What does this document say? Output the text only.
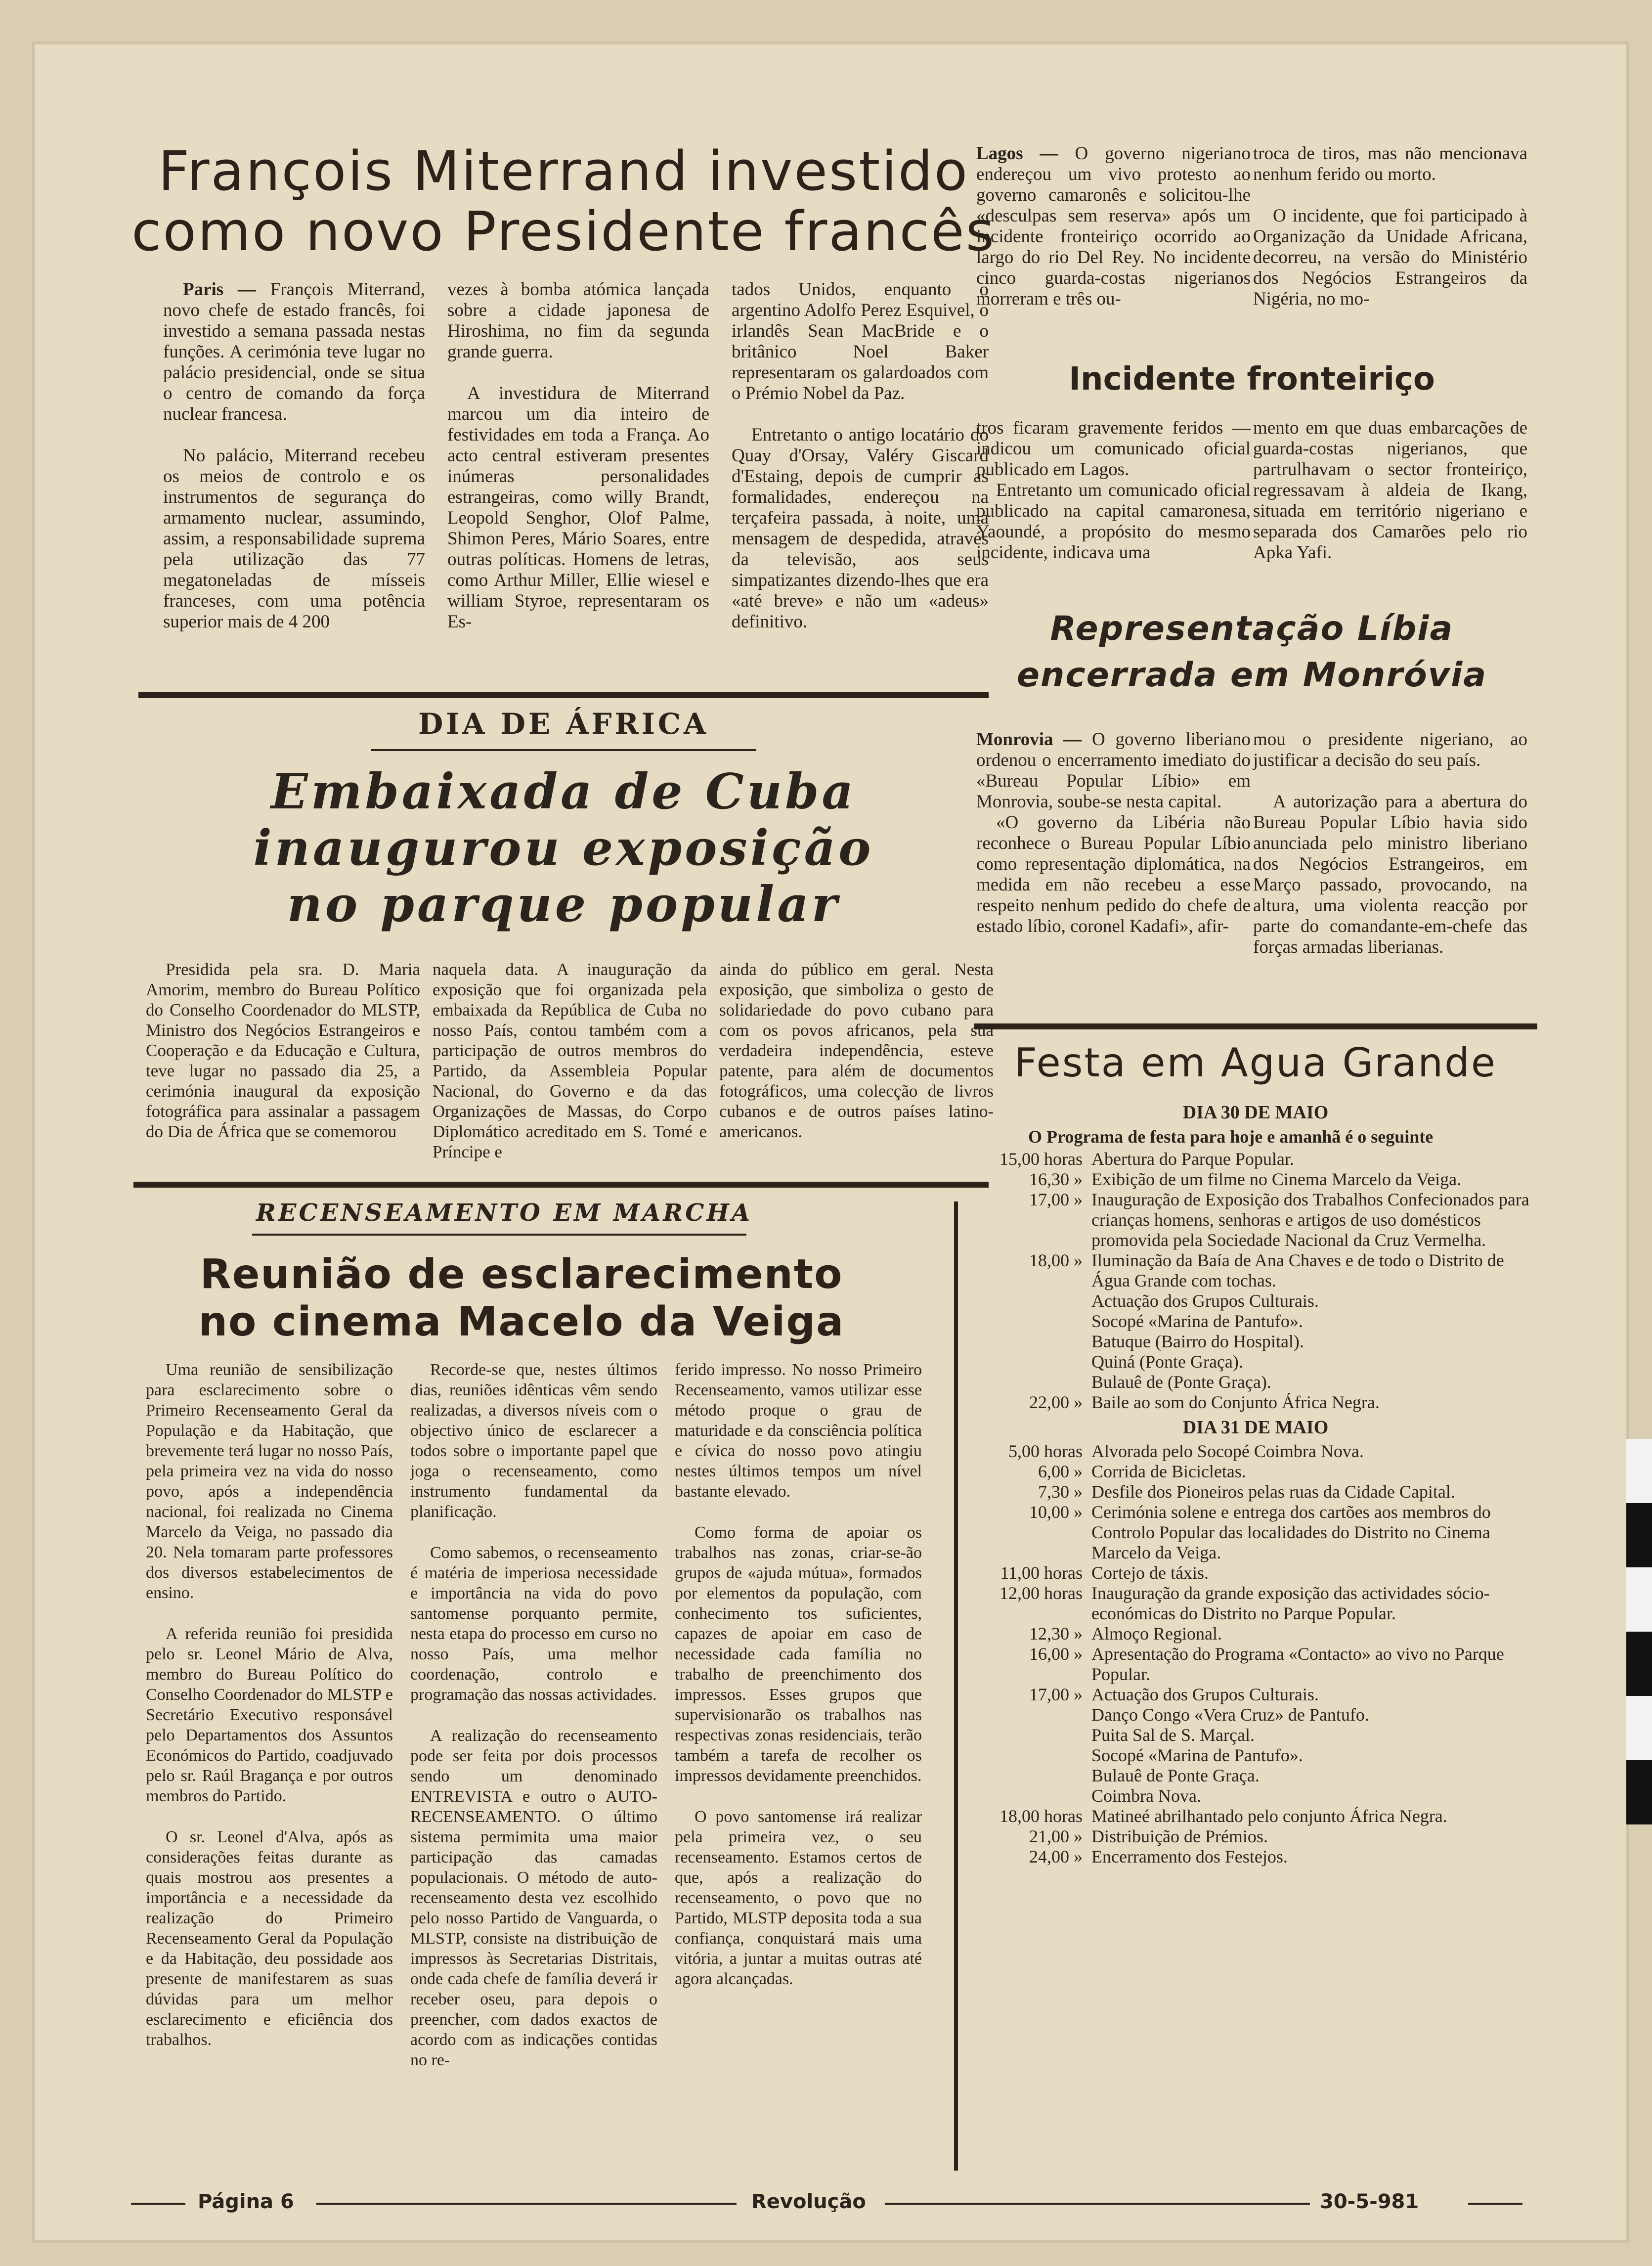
François Miterrand investido
como novo Presidente francês

Paris — François Miterrand, novo chefe de estado francês, foi investido a semana passada nestas funções. A cerimónia teve lugar no palácio presidencial, onde se situa o centro de comando da força nuclear francesa.

No palácio, Miterrand recebeu os meios de controlo e os instrumentos de segurança do armamento nuclear, assumindo, assim, a responsabilidade suprema pela utilização das 77 megatoneladas de mísseis franceses, com uma potência superior mais de 4 200

vezes à bomba atómica lançada sobre a cidade japonesa de Hiroshima, no fim da segunda grande guerra.

A investidura de Miterrand marcou um dia inteiro de festividades em toda a França. Ao acto central estiveram presentes inúmeras personalidades estrangeiras, como willy Brandt, Leopold Senghor, Olof Palme, Shimon Peres, Mário Soares, entre outras políticas. Homens de letras, como Arthur Miller, Ellie wiesel e william Styroe, representaram os Es-

tados Unidos, enquanto o argentino Adolfo Perez Esquivel, o irlandês Sean MacBride e o britânico Noel Baker representaram os galardoados com o Prémio Nobel da Paz.

Entretanto o antigo locatário do Quay d'Orsay, Valéry Giscard d'Estaing, depois de cumprir as formalidades, endereçou na terçafeira passada, à noite, uma mensagem de despedida, através da televisão, aos seus simpatizantes dizendo-lhes que era «até breve» e não um «adeus» definitivo.

Lagos — O governo nigeriano endereçou um vivo protesto ao governo camaronês e solicitou-lhe «desculpas sem reserva» após um incidente fronteiriço ocorrido ao largo do rio Del Rey. No incidente cinco guarda-costas nigerianos morreram e três ou-

troca de tiros, mas não mencionava nenhum ferido ou morto.

O incidente, que foi participado à Organização da Unidade Africana, decorreu, na versão do Ministério dos Negócios Estrangeiros da Nigéria, no mo-

Incidente fronteiriço

tros ficaram gravemente feridos — indicou um comunicado oficial publicado em Lagos.

Entretanto um comunicado oficial publicado na capital camaronesa, Yaoundé, a propósito do mesmo incidente, indicava uma

mento em que duas embarcações de guarda-costas nigerianos, que partrulhavam o sector fronteiriço, regressavam à aldeia de Ikang, situada em território nigeriano e separada dos Camarões pelo rio Apka Yafi.

Representação Líbia
encerrada em Monróvia

Monrovia — O governo liberiano ordenou o encerramento imediato do «Bureau Popular Líbio» em Monrovia, soube-se nesta capital.

«O governo da Libéria não reconhece o Bureau Popular Líbio como representação diplomática, na medida em não recebeu a esse respeito nenhum pedido do chefe de estado líbio, coronel Kadafi», afir-

mou o presidente nigeriano, ao justificar a decisão do seu país.

A autorização para a abertura do Bureau Popular Líbio havia sido anunciada pelo ministro liberiano dos Negócios Estrangeiros, em Março passado, provocando, na altura, uma violenta reacção por parte do comandante-em-chefe das forças armadas liberianas.

DIA DE ÁFRICA
Embaixada de Cuba
inaugurou exposição
no parque popular

Presidida pela sra. D. Maria Amorim, membro do Bureau Político do Conselho Coordenador do MLSTP, Ministro dos Negócios Estrangeiros e Cooperação e da Educação e Cultura, teve lugar no passado dia 25, a cerimónia inaugural da exposição fotográfica para assinalar a passagem do Dia de África que se comemorou

naquela data. A inauguração da exposição que foi organizada pela embaixada da República de Cuba no nosso País, contou também com a participação de outros membros do Partido, da Assembleia Popular Nacional, do Governo e da das Organizações de Massas, do Corpo Diplomático acreditado em S. Tomé e Príncipe e

ainda do público em geral. Nesta exposição, que simboliza o gesto de solidariedade do povo cubano para com os povos africanos, pela sua verdadeira independência, esteve patente, para além de documentos fotográficos, uma colecção de livros cubanos e de outros países latino-americanos.

RECENSEAMENTO EM MARCHA
Reunião de esclarecimento
no cinema Macelo da Veiga

Uma reunião de sensibilização para esclarecimento sobre o Primeiro Recenseamento Geral da População e da Habitação, que brevemente terá lugar no nosso País, pela primeira vez na vida do nosso povo, após a independência nacional, foi realizada no Cinema Marcelo da Veiga, no passado dia 20. Nela tomaram parte professores dos diversos estabelecimentos de ensino.

A referida reunião foi presidida pelo sr. Leonel Mário de Alva, membro do Bureau Político do Conselho Coordenador do MLSTP e Secretário Executivo responsável pelo Departamentos dos Assuntos Económicos do Partido, coadjuvado pelo sr. Raúl Bragança e por outros membros do Partido.

O sr. Leonel d'Alva, após as considerações feitas durante as quais mostrou aos presentes a importância e a necessidade da realização do Primeiro Recenseamento Geral da População e da Habitação, deu possidade aos presente de manifestarem as suas dúvidas para um melhor esclarecimento e eficiência dos trabalhos.

Recorde-se que, nestes últimos dias, reuniões idênticas vêm sendo realizadas, a diversos níveis com o objectivo único de esclarecer a todos sobre o importante papel que joga o recenseamento, como instrumento fundamental da planificação.

Como sabemos, o recenseamento é matéria de imperiosa necessidade e importância na vida do povo santomense porquanto permite, nesta etapa do processo em curso no nosso País, uma melhor coordenação, controlo e programação das nossas actividades.

A realização do recenseamento pode ser feita por dois processos sendo um denominado ENTREVISTA e outro o AUTO-RECENSEAMENTO. O último sistema permimita uma maior participação das camadas populacionais. O método de auto-recenseamento desta vez escolhido pelo nosso Partido de Vanguarda, o MLSTP, consiste na distribuição de impressos às Secretarias Distritais, onde cada chefe de família deverá ir receber oseu, para depois o preencher, com dados exactos de acordo com as indicações contidas no re-

ferido impresso. No nosso Primeiro Recenseamento, vamos utilizar esse método proque o grau de maturidade e da consciência política e cívica do nosso povo atingiu nestes últimos tempos um nível bastante elevado.

Como forma de apoiar os trabalhos nas zonas, criar-se-ão grupos de «ajuda mútua», formados por elementos da população, com conhecimento tos suficientes, capazes de apoiar em caso de necessidade cada família no trabalho de preenchimento dos impressos. Esses grupos que supervisionarão os trabalhos nas respectivas zonas residenciais, terão também a tarefa de recolher os impressos devidamente preenchidos.

O povo santomense irá realizar pela primeira vez, o seu recenseamento. Estamos certos de que, após a realização do recenseamento, o povo que no Partido, MLSTP deposita toda a sua confiança, conquistará mais uma vitória, a juntar a muitas outras até agora alcançadas.

Festa em Agua Grande
DIA 30 DE MAIO
O Programa de festa para hoje e amanhã é o seguinte
15,00 horas Abertura do Parque Popular.
16,30 » Exibição de um filme no Cinema Marcelo da Veiga.
17,00 » Inauguração de Exposição dos Trabalhos Confecionados para crianças homens, senhoras e artigos de uso domésticos promovida pela Sociedade Nacional da Cruz Vermelha.
18,00 » Iluminação da Baía de Ana Chaves e de todo o Distrito de Água Grande com tochas.
Actuação dos Grupos Culturais.
Socopé «Marina de Pantufo».
Batuque (Bairro do Hospital).
Quiná (Ponte Graça).
Bulauê de (Ponte Graça).
22,00 » Baile ao som do Conjunto África Negra.
DIA 31 DE MAIO
5,00 horas Alvorada pelo Socopé Coimbra Nova.
6,00 » Corrida de Bicicletas.
7,30 » Desfile dos Pioneiros pelas ruas da Cidade Capital.
10,00 » Cerimónia solene e entrega dos cartões aos membros do Controlo Popular das localidades do Distrito no Cinema Marcelo da Veiga.
11,00 horas Cortejo de táxis.
12,00 horas Inauguração da grande exposição das actividades sócio-económicas do Distrito no Parque Popular.
12,30 » Almoço Regional.
16,00 » Apresentação do Programa «Contacto» ao vivo no Parque Popular.
17,00 » Actuação dos Grupos Culturais.
Danço Congo «Vera Cruz» de Pantufo.
Puita Sal de S. Marçal.
Socopé «Marina de Pantufo».
Bulauê de Ponte Graça.
Coimbra Nova.
18,00 horas Matineé abrilhantado pelo conjunto África Negra.
21,00 » Distribuição de Prémios.
24,00 » Encerramento dos Festejos.
Página 6	Revolução	30-5-981
